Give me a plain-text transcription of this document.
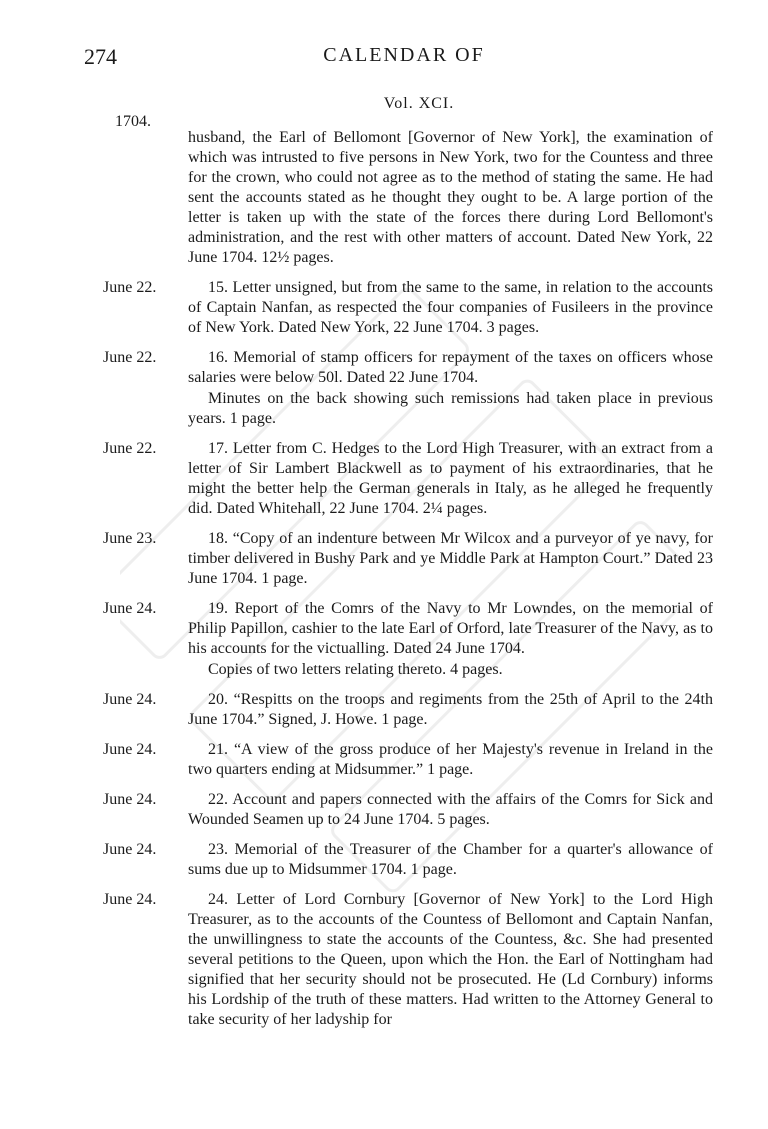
274	CALENDAR OF
Vol. XCI.
1704.

husband, the Earl of Bellomont [Governor of New York], the examination of which was intrusted to five persons in New York, two for the Countess and three for the crown, who could not agree as to the method of stating the same. He had sent the accounts stated as he thought they ought to be. A large portion of the letter is taken up with the state of the forces there during Lord Bellomont's administration, and the rest with other matters of account. Dated New York, 22 June 1704. 12½ pages.

June 22.	15. Letter unsigned, but from the same to the same, in relation to the accounts of Captain Nanfan, as respected the four companies of Fusileers in the province of New York. Dated New York, 22 June 1704. 3 pages.

June 22.	16. Memorial of stamp officers for repayment of the taxes on officers whose salaries were below 50l. Dated 22 June 1704.

Minutes on the back showing such remissions had taken place in previous years. 1 page.

June 22.	17. Letter from C. Hedges to the Lord High Treasurer, with an extract from a letter of Sir Lambert Blackwell as to payment of his extraordinaries, that he might the better help the German generals in Italy, as he alleged he frequently did. Dated Whitehall, 22 June 1704. 2¼ pages.

June 23.	18. “Copy of an indenture between Mr Wilcox and a purveyor of ye navy, for timber delivered in Bushy Park and ye Middle Park at Hampton Court.” Dated 23 June 1704. 1 page.

June 24.	19. Report of the Comrs of the Navy to Mr Lowndes, on the memorial of Philip Papillon, cashier to the late Earl of Orford, late Treasurer of the Navy, as to his accounts for the victualling. Dated 24 June 1704.

Copies of two letters relating thereto. 4 pages.

June 24.	20. “Respitts on the troops and regiments from the 25th of April to the 24th June 1704.” Signed, J. Howe. 1 page.

June 24.	21. “A view of the gross produce of her Majesty's revenue in Ireland in the two quarters ending at Midsummer.” 1 page.

June 24.	22. Account and papers connected with the affairs of the Comrs for Sick and Wounded Seamen up to 24 June 1704. 5 pages.

June 24.	23. Memorial of the Treasurer of the Chamber for a quarter's allowance of sums due up to Midsummer 1704. 1 page.

June 24.	24. Letter of Lord Cornbury [Governor of New York] to the Lord High Treasurer, as to the accounts of the Countess of Bellomont and Captain Nanfan, the unwillingness to state the accounts of the Countess, &c. She had presented several petitions to the Queen, upon which the Hon. the Earl of Nottingham had signified that her security should not be prosecuted. He (Ld Cornbury) informs his Lordship of the truth of these matters. Had written to the Attorney General to take security of her ladyship for
